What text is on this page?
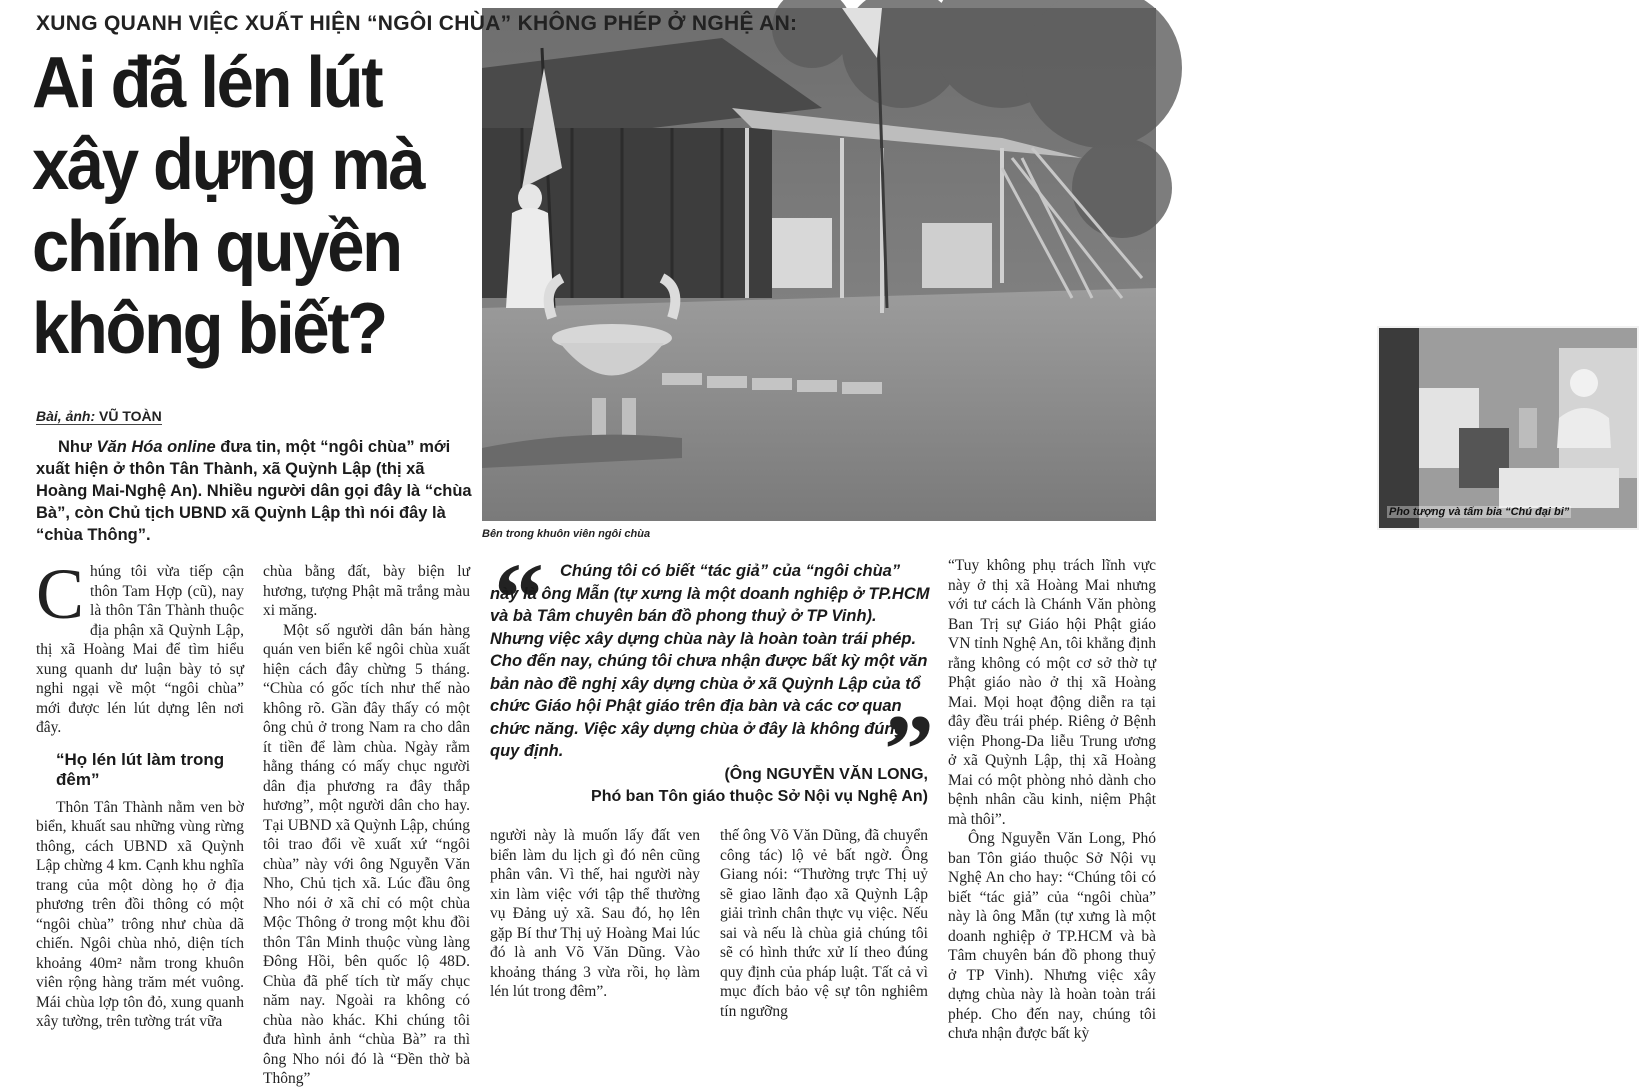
XUNG QUANH VIỆC XUẤT HIỆN “NGÔI CHÙA” KHÔNG PHÉP Ở NGHỆ AN:
Ai đã lén lút xây dựng mà chính quyền không biết?
Bài, ảnh: VŨ TOÀN

Như Văn Hóa online đưa tin, một “ngôi chùa” mới xuất hiện ở thôn Tân Thành, xã Quỳnh Lập (thị xã Hoàng Mai-Nghệ An). Nhiều người dân gọi đây là “chùa Bà”, còn Chủ tịch UBND xã Quỳnh Lập thì nói đây là “chùa Thông”.

Pho tượng và tấm bia “Chú đại bi”
Bên trong khuôn viên ngôi chùa

Chúng tôi vừa tiếp cận thôn Tam Hợp (cũ), nay là thôn Tân Thành thuộc địa phận xã Quỳnh Lập, thị xã Hoàng Mai để tìm hiểu xung quanh dư luận bày tỏ sự nghi ngại về một “ngôi chùa” mới được lén lút dựng lên nơi đây.

“Họ lén lút làm trong đêm”

Thôn Tân Thành nằm ven bờ biển, khuất sau những vùng rừng thông, cách UBND xã Quỳnh Lập chừng 4 km. Cạnh khu nghĩa trang của một dòng họ ở địa phương trên đồi thông có một “ngôi chùa” trông như chùa dã chiến. Ngôi chùa nhỏ, diện tích khoảng 40m² nằm trong khuôn viên rộng hàng trăm mét vuông. Mái chùa lợp tôn đỏ, xung quanh xây tường, trên tường trát vữa

chùa bằng đất, bày biện lư hương, tượng Phật mã trắng màu xi măng.

Một số người dân bán hàng quán ven biển kể ngôi chùa xuất hiện cách đây chừng 5 tháng. “Chùa có gốc tích như thế nào không rõ. Gần đây thấy có một ông chủ ở trong Nam ra cho dân ít tiền để làm chùa. Ngày rằm hằng tháng có mấy chục người dân địa phương ra đây thắp hương”, một người dân cho hay. Tại UBND xã Quỳnh Lập, chúng tôi trao đổi về xuất xứ “ngôi chùa” này với ông Nguyễn Văn Nho, Chủ tịch xã. Lúc đầu ông Nho nói ở xã chỉ có một chùa Mộc Thông ở trong một khu đồi thôn Tân Minh thuộc vùng làng Đông Hồi, bên quốc lộ 48D. Chùa đã phế tích từ mấy chục năm nay. Ngoài ra không có chùa nào khác. Khi chúng tôi đưa hình ảnh “chùa Bà” ra thì ông Nho nói đó là “Đền thờ bà Thông”

“ Chúng tôi có biết “tác giả” của “ngôi chùa” này là ông Mẫn (tự xưng là một doanh nghiệp ở TP.HCM và bà Tâm chuyên bán đồ phong thuỷ ở TP Vinh). Nhưng việc xây dựng chùa này là hoàn toàn trái phép. Cho đến nay, chúng tôi chưa nhận được bất kỳ một văn bản nào đề nghị xây dựng chùa ở xã Quỳnh Lập của tổ chức Giáo hội Phật giáo trên địa bàn và các cơ quan chức năng. Việc xây dựng chùa ở đây là không đúng quy định.	”
(Ông NGUYỄN VĂN LONG,
Phó ban Tôn giáo thuộc Sở Nội vụ Nghệ An)

người này là muốn lấy đất ven biển làm du lịch gì đó nên cũng phân vân. Vì thế, hai người này xin làm việc với tập thể thường vụ Đảng uỷ xã. Sau đó, họ lên gặp Bí thư Thị uỷ Hoàng Mai lúc đó là anh Võ Văn Dũng. Vào khoảng tháng 3 vừa rồi, họ làm lén lút trong đêm”.

thế ông Võ Văn Dũng, đã chuyển công tác) lộ vẻ bất ngờ. Ông Giang nói: “Thường trực Thị uỷ sẽ giao lãnh đạo xã Quỳnh Lập giải trình chân thực vụ việc. Nếu sai và nếu là chùa giả chúng tôi sẽ có hình thức xử lí theo đúng quy định của pháp luật. Tất cả vì mục đích bảo vệ sự tôn nghiêm tín ngưỡng

“Tuy không phụ trách lĩnh vực này ở thị xã Hoàng Mai nhưng với tư cách là Chánh Văn phòng Ban Trị sự Giáo hội Phật giáo VN tỉnh Nghệ An, tôi khẳng định rằng không có một cơ sở thờ tự Phật giáo nào ở thị xã Hoàng Mai. Mọi hoạt động diễn ra tại đây đều trái phép. Riêng ở Bệnh viện Phong-Da liễu Trung ương ở xã Quỳnh Lập, thị xã Hoàng Mai có một phòng nhỏ dành cho bệnh nhân cầu kinh, niệm Phật mà thôi”.

Ông Nguyễn Văn Long, Phó ban Tôn giáo thuộc Sở Nội vụ Nghệ An cho hay: “Chúng tôi có biết “tác giả” của “ngôi chùa” này là ông Mẫn (tự xưng là một doanh nghiệp ở TP.HCM và bà Tâm chuyên bán đồ phong thuỷ ở TP Vinh). Nhưng việc xây dựng chùa này là hoàn toàn trái phép. Cho đến nay, chúng tôi chưa nhận được bất kỳ
